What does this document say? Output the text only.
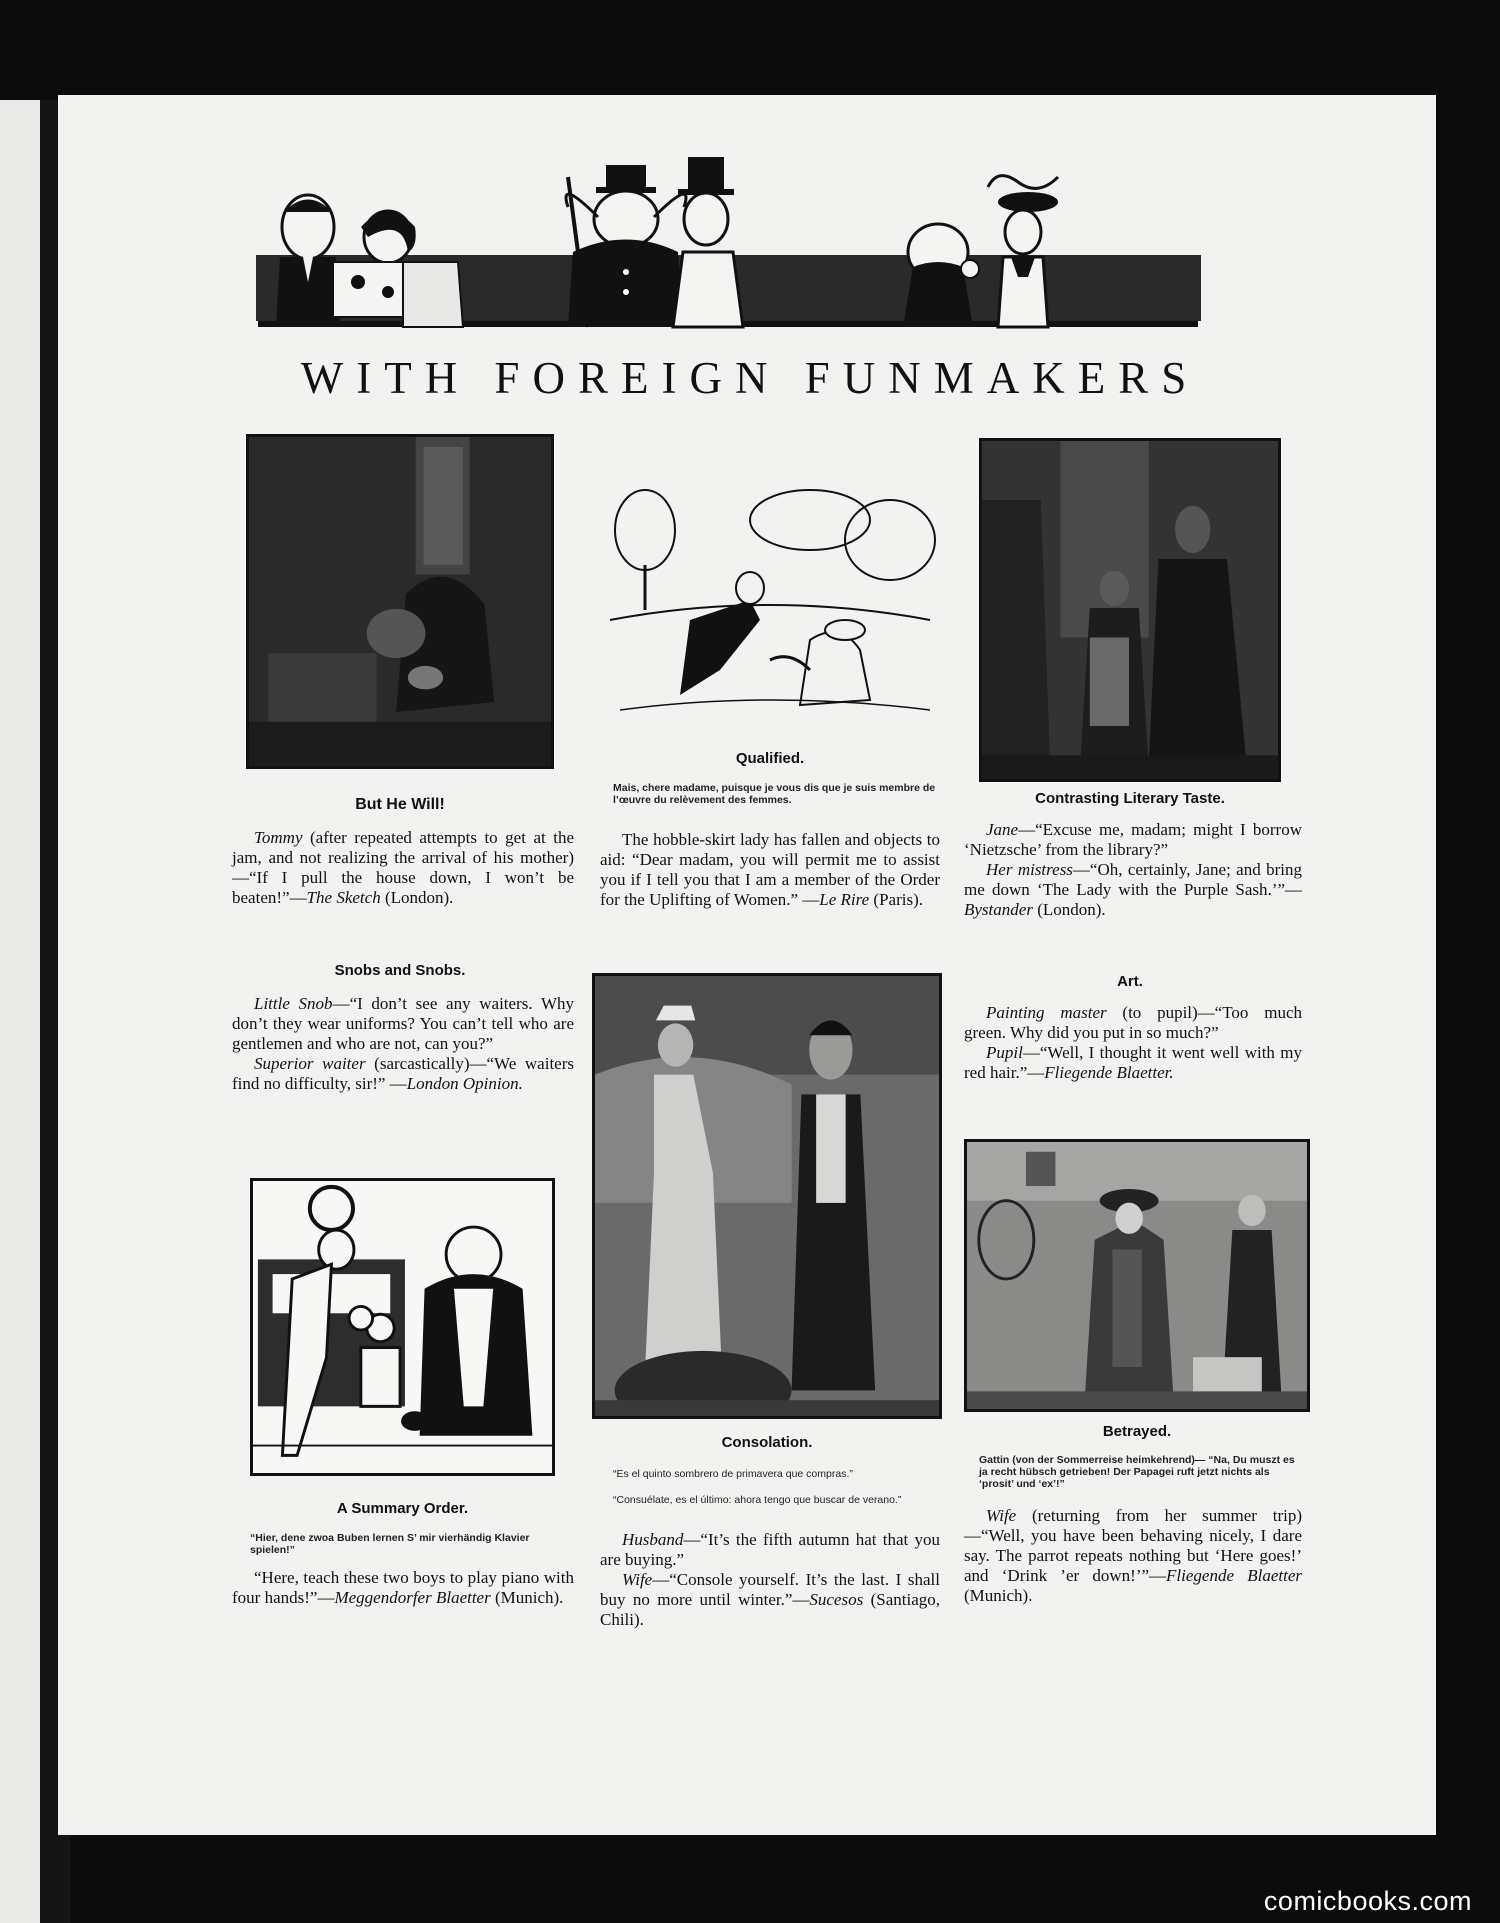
WITH FOREIGN FUNMAKERS
But He Will!

Tommy (after repeated attempts to get at the jam, and not realizing the arrival of his mother)—“If I pull the house down, I won’t be beaten!”—The Sketch (London).

Snobs and Snobs.

Little Snob—“I don’t see any waiters. Why don’t they wear uniforms? You can’t tell who are gentlemen and who are not, can you?”

Superior waiter (sarcastically)—“We waiters find no difficulty, sir!” —London Opinion.

A Summary Order.
“Hier, dene zwoa Buben lernen S’ mir vierhändig Klavier spielen!”

“Here, teach these two boys to play piano with four hands!”—Meggendorfer Blaetter (Munich).

Qualified.
Mais, chere madame, puisque je vous dis que je suis membre de l’œuvre du relèvement des femmes.

The hobble-skirt lady has fallen and objects to aid: “Dear madam, you will permit me to assist you if I tell you that I am a member of the Order for the Uplifting of Women.” —Le Rire (Paris).

Consolation.
“Es el quinto sombrero de primavera que compras.”
“Consuélate, es el último: ahora tengo que buscar de verano.”

Husband—“It’s the fifth autumn hat that you are buying.”

Wife—“Console yourself. It’s the last. I shall buy no more until winter.”—Sucesos (Santiago, Chili).

Contrasting Literary Taste.

Jane—“Excuse me, madam; might I borrow ‘Nietzsche’ from the library?”

Her mistress—“Oh, certainly, Jane; and bring me down ‘The Lady with the Purple Sash.’”—Bystander (London).

Art.

Painting master (to pupil)—“Too much green. Why did you put in so much?”

Pupil—“Well, I thought it went well with my red hair.”—Fliegende Blaetter.

Betrayed.
Gattin (von der Sommerreise heimkehrend)— “Na, Du muszt es ja recht hübsch getrieben! Der Papagei ruft jetzt nichts als ‘prosit’ und ‘ex’!”

Wife (returning from her summer trip)—“Well, you have been behaving nicely, I dare say. The parrot repeats nothing but ‘Here goes!’ and ‘Drink ’er down!’”—Fliegende Blaetter (Munich).

comicbooks.com
